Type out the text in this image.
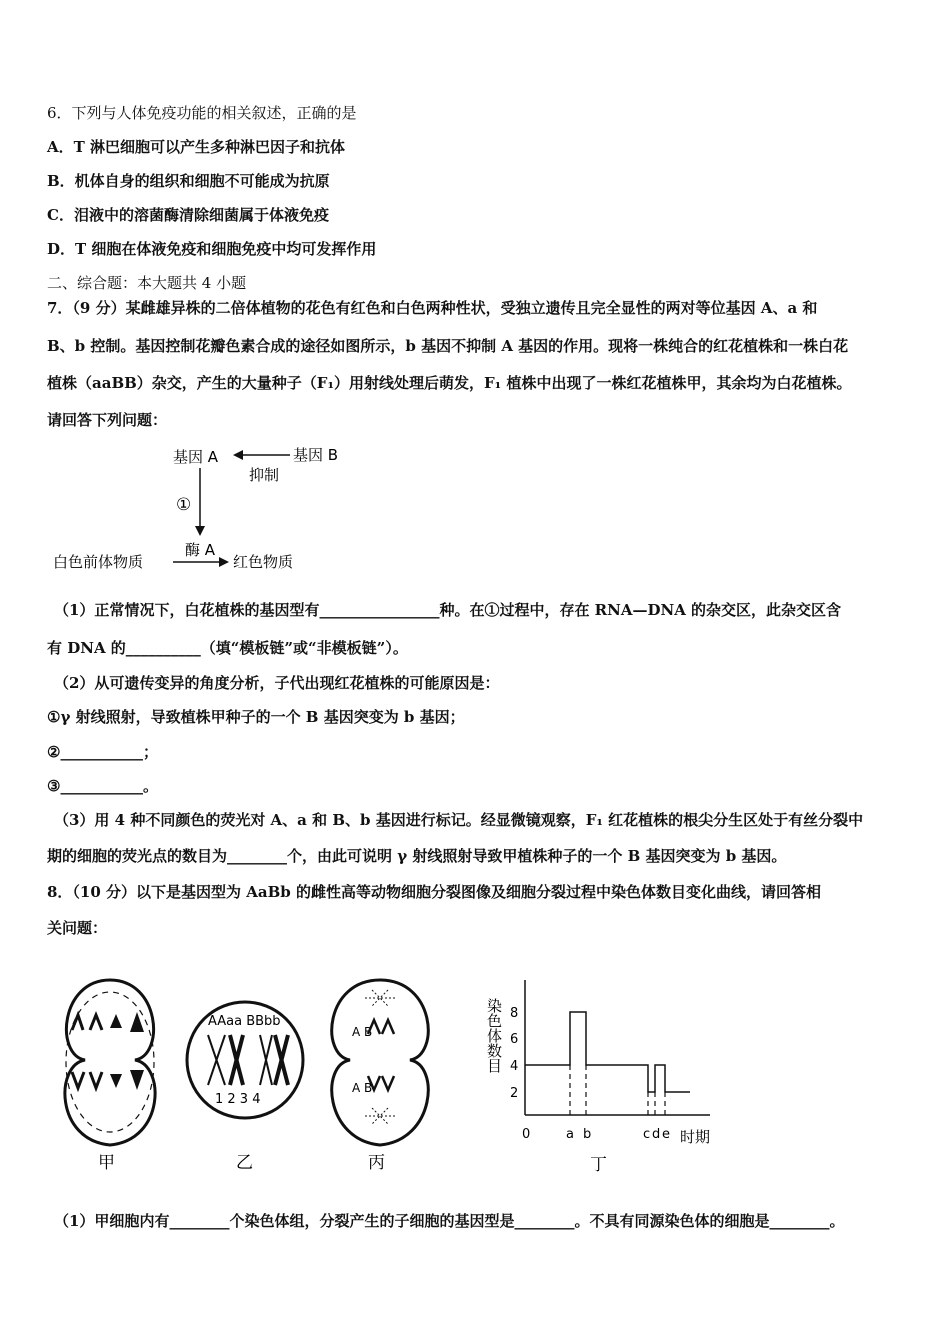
6．下列与人体免疫功能的相关叙述，正确的是
A．T 淋巴细胞可以产生多种淋巴因子和抗体
B．机体自身的组织和细胞不可能成为抗原
C．泪液中的溶菌酶清除细菌属于体液免疫
D．T 细胞在体液免疫和细胞免疫中均可发挥作用
二、综合题：本大题共 4 小题
7．（9 分）某雌雄异株的二倍体植物的花色有红色和白色两种性状，受独立遗传且完全显性的两对等位基因 A、a 和
B、b 控制。基因控制花瓣色素合成的途径如图所示，b 基因不抑制 A 基因的作用。现将一株纯合的红花植株和一株白花
植株（aaBB）杂交，产生的大量种子（F₁）用射线处理后萌发，F₁ 植株中出现了一株红花植株甲，其余均为白花植株。
请回答下列问题：
基因 A	基因 B
抑制
①
酶 A
白色前体物质	红色物质
（1）正常情况下，白花植株的基因型有________________种。在①过程中，存在 RNA—DNA 的杂交区，此杂交区含
有 DNA 的__________（填“模板链”或“非模板链”）。
（2）从可遗传变异的角度分析，子代出现红花植株的可能原因是：
①γ 射线照射，导致植株甲种子的一个 B 基因突变为 b 基因；
②___________；
③___________。
（3）用 4 种不同颜色的荧光对 A、a 和 B、b 基因进行标记。经显微镜观察，F₁ 红花植株的根尖分生区处于有丝分裂中
期的细胞的荧光点的数目为________个，由此可说明 γ 射线照射导致甲植株种子的一个 B 基因突变为 b 基因。
8．（10 分）以下是基因型为 AaBb 的雌性高等动物细胞分裂图像及细胞分裂过程中染色体数目变化曲线，请回答相
关问题：
甲
AAaa BBbb
1 2 3 4
乙
A B
A B
丙
染色体数目 8
6
4
2
0	a b	c d e 时期
丁
（1）甲细胞内有________个染色体组，分裂产生的子细胞的基因型是________。不具有同源染色体的细胞是________。
